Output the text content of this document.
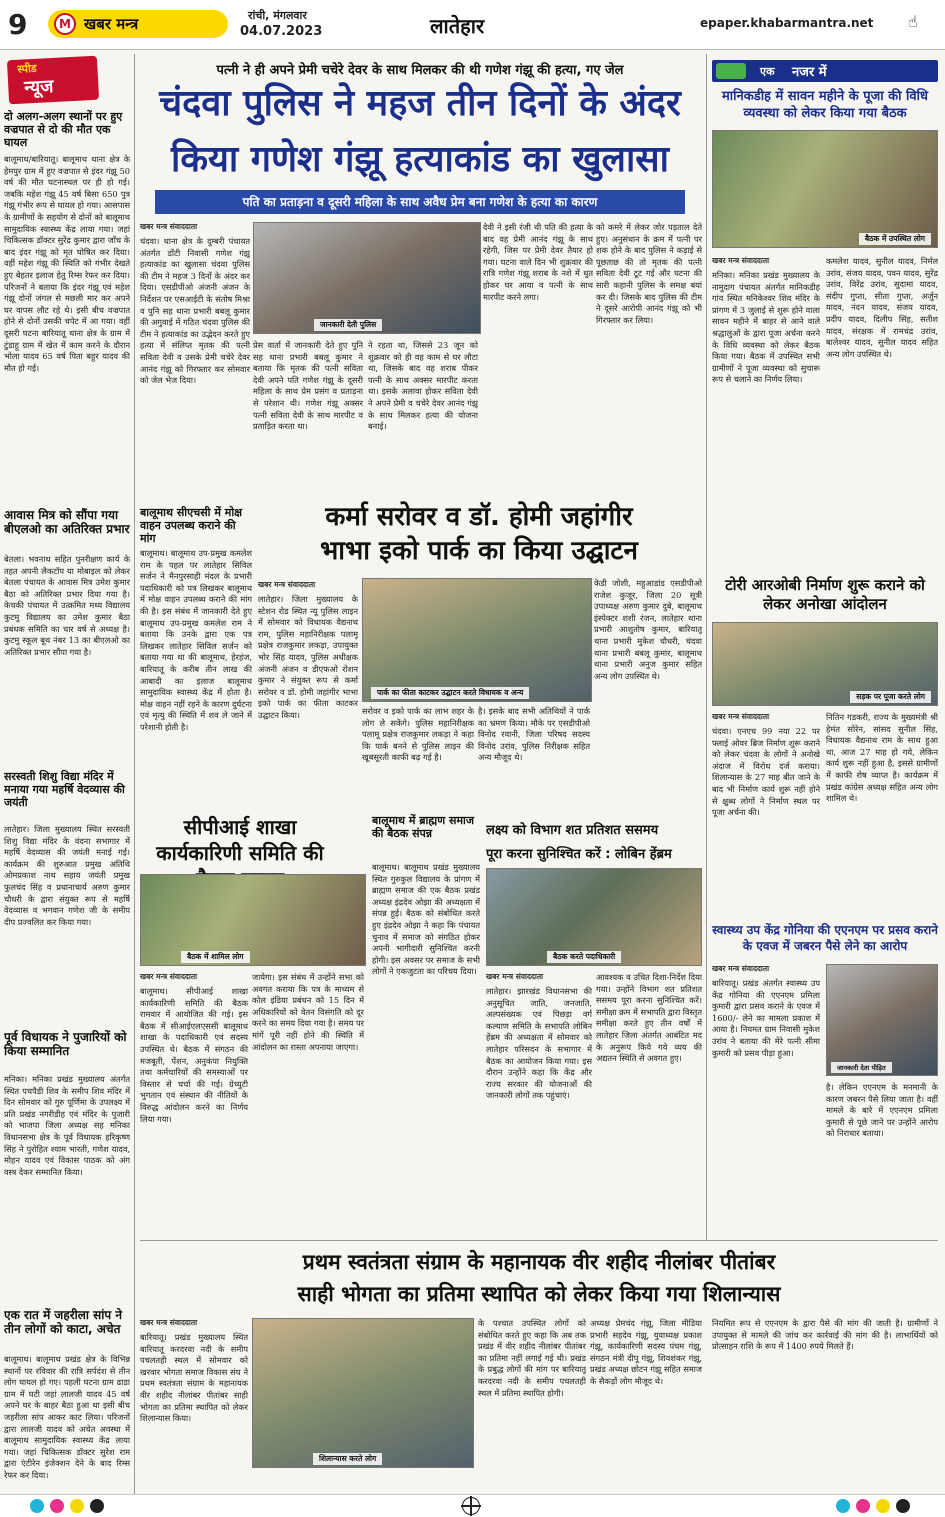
9	M खबर मन्त्र	रांची, मंगलवार
04.07.2023	लातेहार	epaper.khabarmantra.net ☝
स्पीड
न्यूज
दो अलग-अलग स्थानों पर हुए वज्रपात से दो की मौत एक घायल
बालूमाथ/बारियातू। बालूमाथ थाना क्षेत्र के हेमपुर ग्राम में हुए वज्रपात से इंदर गंझू 50 वर्ष की मौत घटनास्थल पर ही हो गई। जबकि महेश गंझू 45 वर्ष बिसा 650 पुत्र गंझू गंभीर रूप से घायल हो गया। आसपास के ग्रामीणों के सहयोग से दोनों को बालूमाथ सामुदायिक स्वास्थ्य केंद्र लाया गया। जहां चिकित्सक डॉक्टर सुरेंद्र कुमार द्वारा जाँच के बाद इंदर गंझू को मृत घोषित कर दिया। वहीं महेश गंझू की स्थिति को गंभीर देखते हुए बेहतर इलाज हेतु रिम्स रेफर कर दिया। परिजनों ने बताया कि इंदर गंझू एवं महेश गंझू दोनों जंगल से मछली मार कर अपने घर वापस लौट रहे थे। इसी बीच वज्रपात होने से दोनों उसकी चपेट में आ गया। वहीं दूसरी घटना बारियातू थाना क्षेत्र के ग्राम में टुंडाहू ग्राम में खेत में काम करने के दौरान भोला यादव 65 वर्ष पिता बहुर यादव की मौत हो गई।
आवास मित्र को सौंपा गया बीएलओ का अतिरिक्त प्रभार
बेतला। भवनाथ सहित पुनरीक्षण कार्य के तहत अपनी लैकटॉप या मोबाइल को लेकर बेतला पंचायत के आवास मित्र उमेश कुमार बैठा को अतिरिक्त प्रभार दिया गया है। केचकी पंचायत में उत्क्रमित मध्य विद्यालय कुटमु विद्यालय का उमेश कुमार बैठा प्रबंधक समिति का चार वर्ष से अध्यक्ष है। कुटमु स्कूल बूथ नंबर 13 का बीएलओ का अतिरिक्त प्रभार सौंपा गया है।
सरस्वती शिशु विद्या मंदिर में मनाया गया महर्षि वेदव्यास की जयंती
लातेहार। जिला मुख्यालय स्थित सरस्वती शिशु विद्या मंदिर के वंदना सभागार में महर्षि वेदव्यास की जयंती मनाई गई। कार्यक्रम की शुरुआत प्रमुख अतिथि ओमप्रकाश नाथ सहाय जयंती प्रमुख फुलचंद सिंह व प्रधानाचार्य अरुण कुमार चौधरी के द्वारा संयुक्त रूप से महर्षि वेदव्यास व भगवान गणेश जी के समीप दीप प्रज्वलित कर किया गया।
पूर्व विधायक ने पुजारियों को किया सम्मानित
मनिका। मनिका प्रखंड मुख्यालय अंतर्गत स्थित पचपैडी शिव के समीप शिव मंदिर में दिन सोमवार को गुरु पूर्णिमा के उपलक्ष्य में प्रति प्रखंड नगरीडीह एवं मंदिर के पुजारी को भाजपा जिला अध्यक्ष सह मनिका विधानसभा क्षेत्र के पूर्व विधायक हरिकृष्ण सिंह ने पुरोहित श्याम भारती, गणेश यादव, मोहन यादव एवं विकास पाठक को अंग वस्त्र देकर सम्मानित किया।
एक रात में जहरीला सांप ने तीन लोगों को काटा, अचेत
बालूमाथ। बालूमाथ प्रखंड क्षेत्र के विभिन्न स्थानों पर रविवार की रात्रि सर्पदंश से तीन लोग घायल हो गए। पहली घटना ग्राम ढाडा ग्राम में घटी जहां लालजी यादव 45 वर्ष अपने घर के बाहर बैठा हुआ था इसी बीच जहरीला सांप आकर काट लिया। परिजनों द्वारा लालजी यादव को अचेत अवस्था में बालूमाथ सामुदायिक स्वास्थ्य केंद्र लाया गया। जहां चिकित्सक डॉक्टर सुरेश राम द्वारा एंटीरेन इंजेक्शन देने के बाद रिम्स रेफर कर दिया।
पत्नी ने ही अपने प्रेमी चचेरे देवर के साथ मिलकर की थी गणेश गंझू की हत्या, गए जेल
चंदवा पुलिस ने महज तीन दिनों के अंदर
किया गणेश गंझू हत्याकांड का खुलासा
पति का प्रताड़ना व दूसरी महिला के साथ अवैध प्रेम बना गणेश के हत्या का कारण
खबर मन्त्र संवाददाता
चंदवा। थाना क्षेत्र के दुम्बरी पंचायत अंतर्गत डोंटी निवासी गणेश गंझू हत्याकांड का खुलासा चंदवा पुलिस की टीम ने महज 3 दिनों के अंदर कर दिया। एसडीपीओ अंजनी अंजन के निर्देशन पर एसआईटी के संतोष मिश्रा व पुनि सह थाना प्रभारी बबलू कुमार की अगुवाई में गठित चंदवा पुलिस की टीम ने हत्याकांड का उद्भेदन करते हुए हत्या में संलिप्त मृतक की पत्नी सविता देवी व उसके प्रेमी चचेरे देवर आनंद गंझू को गिरफ्तार कर सोमवार को जेल भेज दिया।
जानकारी देती पुलिस
प्रेस वार्ता में जानकारी देते हुए पुनि सह थाना प्रभारी बबलू कुमार ने बताया कि मृतक की पत्नी सविता देवी अपने पति गणेश गंझू के दूसरी महिला के साथ प्रेम प्रसंग व प्रताड़ना से परेशान थी। गणेश गंझू अक्सर पत्नी सविता देवी के साथ मारपीट व प्रताड़ित करता था।
ने रहता था, जिससे 23 जून को शुक्रवार को ही वह काम से घर लौटा था, जिसके बाद वह शराब पीकर पत्नी के साथ अक्सर मारपीट करता था। इसके अलावा होकर सविता देवी ने अपने प्रेमी व चचेरे देवर आनंद गंझू के साथ मिलकर हत्या की योजना बनाई।
देवी ने इसी रंजी थी पति की हत्या के बाद वह प्रेमी आनंद गंझू के साथ रहेगी, जिस पर प्रेमी देवर तैयार हो गया। घटना वाले दिन भी शुक्रवार की रात्रि गणेश गंझू शराब के नशे में धुत होकर घर आया व पत्नी के साथ मारपीट करने लगा।
को कमरे में लेकर जोर पड़ताल देते हुए। अनुसंधान के क्रम में पत्नी पर शक होने के बाद पुलिस ने कड़ाई से पूछताछ की तो मृतक की पत्नी सविता देवी टूट गई और घटना की सारी कहानी पुलिस के समक्ष बयां कर दी। जिसके बाद पुलिस की टीम ने दूसरे आरोपी आनंद गंझू को भी गिरफ्तार कर लिया।
बालूमाथ सीएचसी में मोक्ष वाहन उपलब्ध कराने की मांग
बालूमाथ। बालूमाथ उप-प्रमुख कमलेश राम के पहल पर लातेहार सिविल सर्जन ने मैनपुरसाही मंदल के प्रभारी पदाधिकारी को पत्र लिखकर बालूमाथ में मोक्ष वाहन उपलब्ध कराने की मांग की है। इस संबंध में जानकारी देते हुए बालूमाथ उप-प्रमुख कमलेश राम ने बताया कि उनके द्वारा एक पत्र लिखकर लातेहार सिविल सर्जन को बताया गया था की बालूमाथ, हेरहंज, बारियातू के करीब तीन लाख की आबादी का इलाज बालूमाथ सामुदायिक स्वास्थ्य केंद्र में होता है। मोक्ष वाहन नहीं रहने के कारण दुर्घटना एवं मृत्यु की स्थिति में शव ले जाने में परेशानी होती है।
कर्मा सरोवर व डॉ. होमी जहांगीर
भाभा इको पार्क का किया उद्घाटन
खबर मन्त्र संवाददाता
लातेहार। जिला मुख्यालय के स्टेशन रोड स्थित न्यू पुलिस लाइन में सोमवार को विधायक वैद्यनाथ राम, पुलिस महानिरीक्षक पलामू प्रक्षेत्र राजकुमार लकड़ा, उपायुक्त भोर सिंह यादव, पुलिस अधीक्षक अंजनी अंजन व डीएफओ रोशन कुमार ने संयुक्त रूप से कर्मा सरोवर व डॉ. होमी जहांगीर भाभा इको पार्क का फीता काटकर उद्घाटन किया।
पार्क का फीता काटकर उद्घाटन करते विधायक व अन्य
सरोवर व इको पार्क का लाभ शहर के लोग ले सकेंगे। पुलिस महानिरीक्षक पलामू प्रक्षेत्र राजकुमार लकड़ा ने कहा कि पार्क बनने से पुलिस लाइन की खूबसूरती काफी बढ़ गई है।
है। इसके बाद सभी अतिथियों ने पार्क का भ्रमण किया। मौके पर एसडीपीओ विनोद रवानी, जिला परिषद सदस्य विनोद उरांव, पुलिस निरीक्षक सहित अन्य मौजूद थे।
केडी जोशी, महुआडांड एसडीपीओ राजेश कुजूर, जिला 20 सूत्री उपाध्यक्ष अरुण कुमार दुबे, बालूमाथ इंस्पेक्टर शशी रंजन, लातेहार थाना प्रभारी आशुतोष कुमार, बारियातू थाना प्रभारी मुकेश चौधरी, चंदवा थाना प्रभारी बबलू कुमार, बालूमाथ थाना प्रभारी अनुज कुमार सहित अन्य लोग उपस्थित थे।
सीपीआई शाखा कार्यकारिणी समिति की
बैठक में शामिल लोग
खबर मन्त्र संवाददाता
बालूमाथ। सीपीआई शाखा कार्यकारिणी समिति की बैठक रामवार में आयोजित की गई। इस बैठक में सीआईएलएससी बालूमाथ शाखा के पदाधिकारी एवं सदस्य उपस्थित थे। बैठक में संगठन की मजबूती, पेंशन, अनुकंपा नियुक्ति तथा कर्मचारियों की समस्याओं पर विस्तार से चर्चा की गई। ग्रेच्युटी भुगतान एवं संस्थान की नीतियों के विरुद्ध आंदोलन करने का निर्णय लिया गया।
जायेगा। इस संबंध में उन्होंने सभा को अवगत कराया कि पत्र के माध्यम से कोल इंडिया प्रबंधन को 15 दिन में अधिकारियों को वेतन विसंगति को दूर करने का समय दिया गया है। समय पर मांगें पूरी नहीं होने की स्थिति में आंदोलन का रास्ता अपनाया जाएगा।
बालूमाथ में ब्राह्मण समाज की बैठक संपन्न
बालूमाथ। बालूमाथ प्रखंड मुख्यालय स्थित गुरुकुल विद्यालय के प्रांगण में ब्राह्मण समाज की एक बैठक प्रखंड अध्यक्ष इंद्रदेव ओझा की अध्यक्षता में संपन्न हुई। बैठक को संबोधित करते हुए इंद्रदेव ओझा ने कहा कि पंचायत चुनाव में समाज को संगठित होकर अपनी भागीदारी सुनिश्चित करनी होगी। इस अवसर पर समाज के सभी लोगों ने एकजुटता का परिचय दिया।
लक्ष्य को विभाग शत प्रतिशत ससमय
पूरा करना सुनिश्चित करें : लोबिन हेंब्रम
बैठक करते पदाधिकारी
खबर मन्त्र संवाददाता
लातेहार। झारखंड विधानसभा की अनुसूचित जाति, जनजाति, अल्पसंख्यक एवं पिछड़ा वर्ग कल्याण समिति के सभापति लोबिन हेंब्रम की अध्यक्षता में सोमवार को लातेहार परिसदन के सभागार में बैठक का आयोजन किया गया। इस दौरान उन्होंने कहा कि केंद्र और राज्य सरकार की योजनाओं की जानकारी लोगों तक पहुंचाएं।
आवश्यक व उचित दिशा-निर्देश दिया गया। उन्होंने विभाग शत प्रतिशत ससमय पूरा करना सुनिश्चित करें। समीक्षा क्रम में सभापति द्वारा विस्तृत समीक्षा करते हुए तीन वर्षों में लातेहार जिला अंतर्गत आबंटित मद के अनुरूप किये गये व्यय की अद्यतन स्थिति से अवगत हुए।
एक नजर में
मानिकडीह में सावन महीने के पूजा की विधि व्यवस्था को लेकर किया गया बैठक
बैठक में उपस्थित लोग
खबर मन्त्र संवाददाता
मनिका। मनिका प्रखंड मुख्यालय के नामुदाग पंचायत अंतर्गत मानिकडीह गांव स्थित मनिकेश्वर शिव मंदिर के प्रांगण में 3 जुलाई से शुरू होने वाला सावन महीने में बाहर से आने वाले श्रद्धालुओं के द्वारा पूजा अर्चना करने के विधि व्यवस्था को लेकर बैठक किया गया। बैठक में उपस्थित सभी ग्रामीणों ने पूजा व्यवस्था को सुचारू रूप से चलाने का निर्णय लिया।
कमलेश यादव, सुनील यादव, निर्मल उरांव, संजय यादव, पवन यादव, सुरेंद्र उरांव, विरेंद्र उरांव, सुदामा यादव, संदीप गुप्ता, सीता गुप्ता, अर्जुन यादव, नंदन यादव, संजय यादव, प्रदीप यादव, दिलीप सिंह, सतीश यादव, संरक्षक में रामचंद्र उरांव, बालेश्वर यादव, सुनील यादव सहित अन्य लोग उपस्थित थे।
टोरी आरओबी निर्माण शुरू कराने को लेकर अनोखा आंदोलन
सड़क पर पूजा करते लोग
खबर मन्त्र संवाददाता
चंदवा। एनएच 99 नया 22 पर फ्लाई ओवर ब्रिज निर्माण शुरू कराने को लेकर चंदवा के लोगों ने अनोखे अंदाज में विरोध दर्ज कराया। शिलान्यास के 27 माह बीत जाने के बाद भी निर्माण कार्य शुरू नहीं होने से क्षुब्ध लोगों ने निर्माण स्थल पर पूजा अर्चना की।
नितिन गडकरी, राज्य के मुख्यमंत्री श्री हेमंत सोरेन, सांसद सुनील सिंह, विधायक वैद्यनाथ राम के साथ हुआ था, आज 27 माह हो गये, लेकिन कार्य शुरू नहीं हुआ है, इससे ग्रामीणों में काफी रोष व्याप्त है। कार्यक्रम में प्रखंड कांग्रेस अध्यक्ष सहित अन्य लोग शामिल थे।
स्वास्थ्य उप केंद्र गोनिया की एएनएम पर प्रसव कराने के एवज में जबरन पैसे लेने का आरोप
खबर मन्त्र संवाददाता
बारियातू। प्रखंड अंतर्गत स्वास्थ्य उप केंद्र गोनिया की एएनएम प्रमिला कुमारी द्वारा प्रसव कराने के एवज में 1600/- लेने का मामला प्रकाश में आया है। नियमत ग्राम निवासी मुकेश उरांव ने बताया की मेरे पत्नी सीमा कुमारी को प्रसव पीड़ा हुआ।
जानकारी देता पीड़ित
है। लेकिन एएनएम के मनमानी के कारण जबरन पैसे लिया जाता है। वहीं मामले के बारे में एएनएम प्रमिला कुमारी से पूछे जाने पर उन्होंने आरोप को निराधार बताया।
प्रथम स्वतंत्रता संग्राम के महानायक वीर शहीद नीलांबर पीतांबर
साही भोगता का प्रतिमा स्थापित को लेकर किया गया शिलान्यास
खबर मन्त्र संवाददाता
बारियातू। प्रखंड मुख्यालय स्थित बारियातू करदरवा नदी के समीप पचलतही स्थल में सोमवार को खरवार भोगता समाज विकास संघ ने प्रथम स्वतंत्रता संग्राम के महानायक वीर शहीद नीलांबर पीतांबर साही भोगता का प्रतिमा स्थापित को लेकर शिलान्यास किया।
शिलान्यास करते लोग
के पश्चात उपस्थित लोगों को संबोधित करते हुए कहा कि अब तक प्रखंड में वीर शहीद नीलांबर पीतांबर का प्रतिमा नहीं लगाई गई थी। प्रखंड के प्रबुद्ध लोगों की मांग पर बारियातू करदरवा नदी के समीप पचलतही स्थल में प्रतिमा स्थापित होगी।
अध्यक्ष प्रेमचंद गंझू, जिला मीडिया प्रभारी सहदेव गंझू, युवाध्यक्ष प्रकाश गंझू, कार्यकारिणी सदस्य पंचम गंझू, संगठन मंत्री दीपू गंझू, शिवशंकर गंझू, प्रखंड अध्यक्ष छोटन गंझू सहित समाज के सैकड़ों लोग मौजूद थे।
नियमित रूप से एएनएम के द्वारा पैसे की मांग की जाती है। ग्रामीणों ने उपायुक्त से मामले की जांच कर कार्रवाई की मांग की है। लाभार्थियों को प्रोत्साहन राशि के रूप में 1400 रुपये मिलते हैं।
